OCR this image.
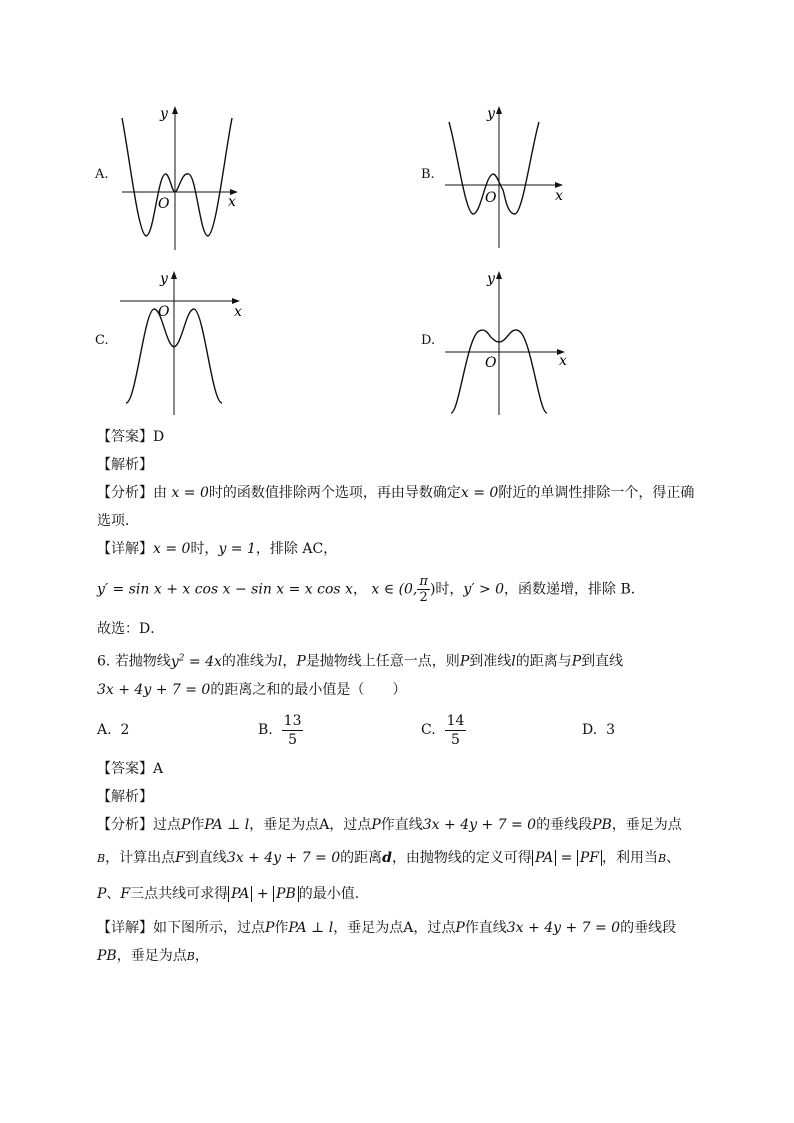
A.
y
x
O
B.
y
x
O
C.
y
x
O
D.
y
x
O
【答案】D
【解析】
【分析】由 x = 0时的函数值排除两个选项，再由导数确定x = 0附近的单调性排除一个，得正确
选项．
【详解】x = 0时，y = 1，排除 AC，
y′ = sin x + x cos x − sin x = x cos x， x ∈ (0, $\frac{\pi}{2}$ )时，y′ > 0，函数递增，排除 B．
故选：D．
6. 若抛物线$y^2 = 4x$的准线为l，P是抛物线上任意一点，则P到准线l的距离与P到直线
3x + 4y + 7 = 0的距离之和的最小值是（　　）
A. 2	B. $\frac{13}{5}$	C. $\frac{14}{5}$	D. 3
【答案】A
【解析】
【分析】过点P作PA ⊥ l，垂足为点A，过点P作直线3x + 4y + 7 = 0的垂线段PB，垂足为点
B，计算出点F到直线3x + 4y + 7 = 0的距离d，由抛物线的定义可得 PA = PF ，利用当B、
P、F三点共线可求得 PA + PB 的最小值.
【详解】如下图所示，过点P作PA ⊥ l，垂足为点A，过点P作直线3x + 4y + 7 = 0的垂线段
PB，垂足为点B，
